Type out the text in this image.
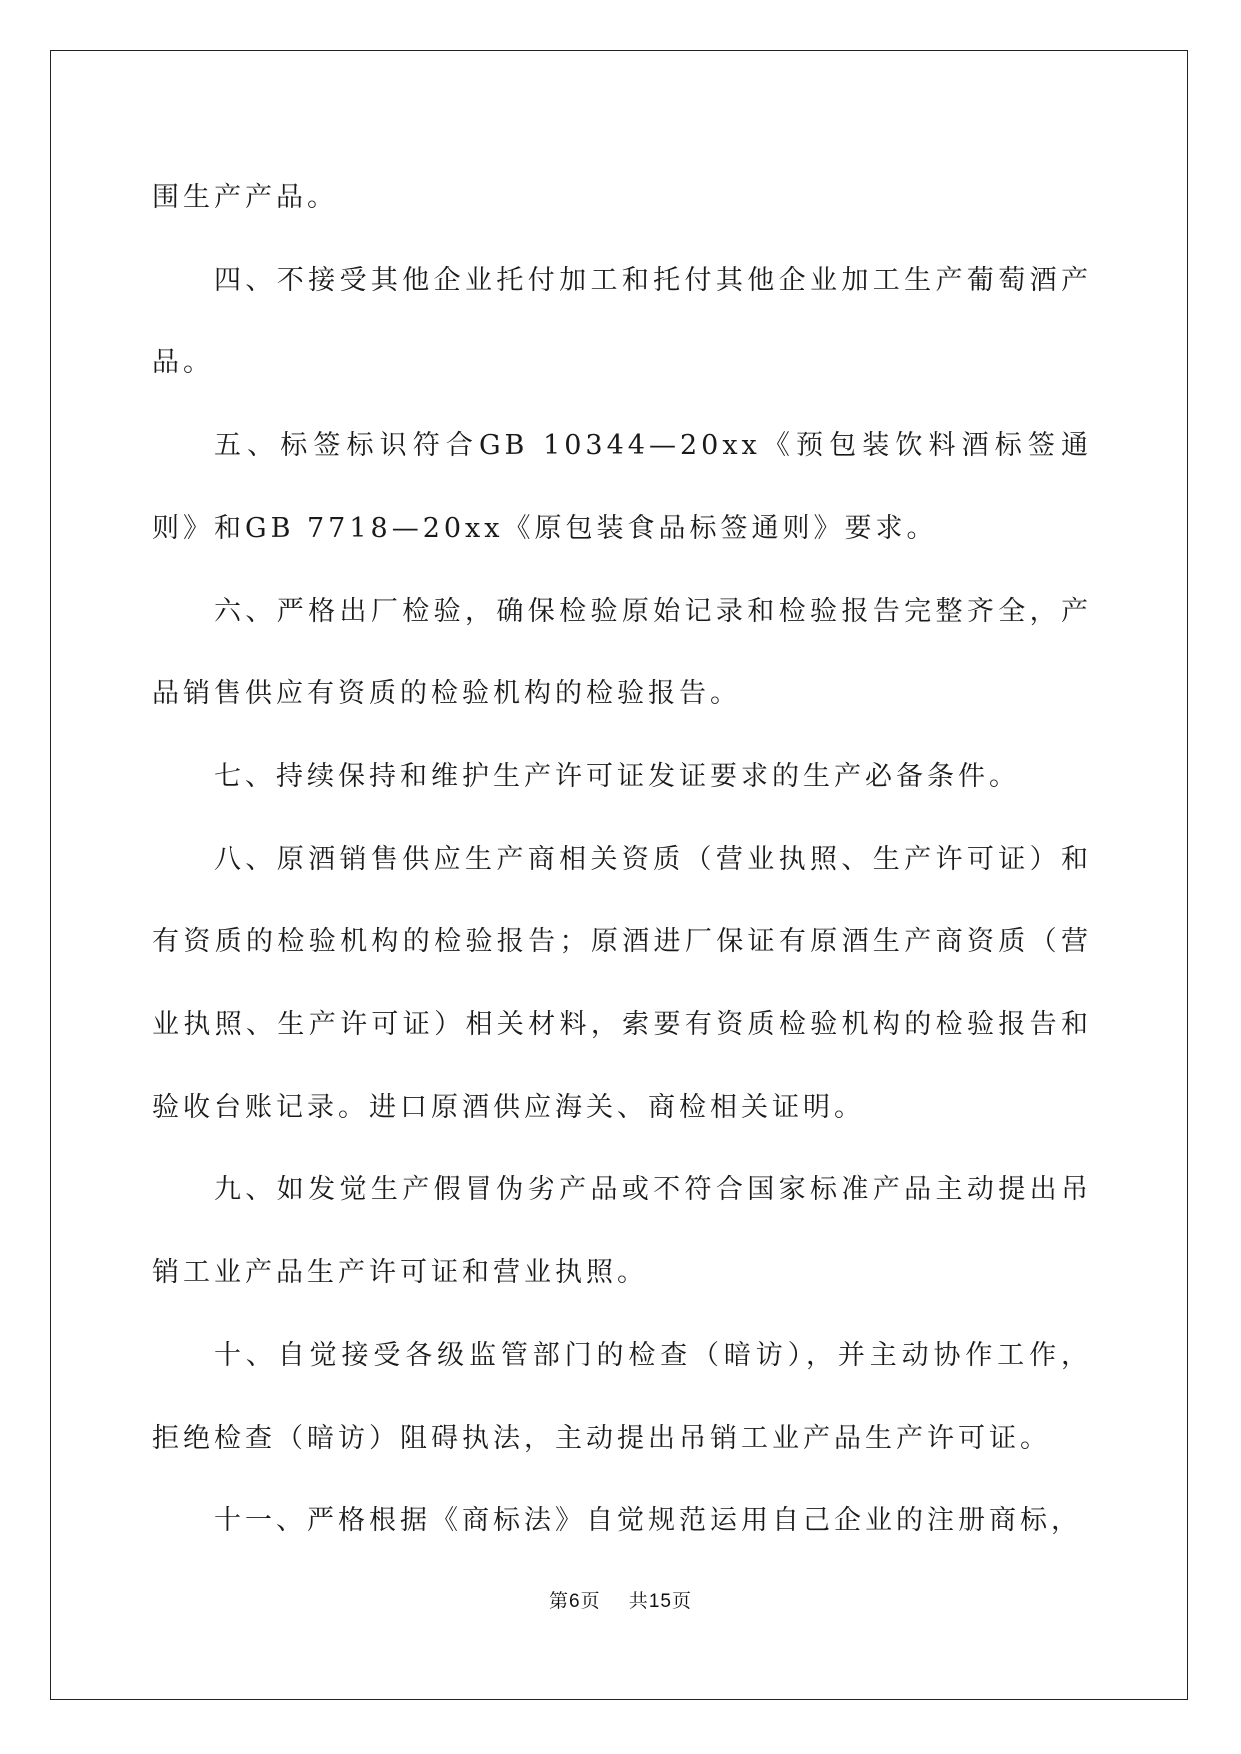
围生产产品。

四、不接受其他企业托付加工和托付其他企业加工生产葡萄酒产品。

五、标签标识符合GB 10344—20xx《预包装饮料酒标签通则》和GB 7718—20xx《原包装食品标签通则》要求。

六、严格出厂检验，确保检验原始记录和检验报告完整齐全，产品销售供应有资质的检验机构的检验报告。

七、持续保持和维护生产许可证发证要求的生产必备条件。

八、原酒销售供应生产商相关资质（营业执照、生产许可证）和有资质的检验机构的检验报告；原酒进厂保证有原酒生产商资质（营业执照、生产许可证）相关材料，索要有资质检验机构的检验报告和验收台账记录。进口原酒供应海关、商检相关证明。

九、如发觉生产假冒伪劣产品或不符合国家标准产品主动提出吊销工业产品生产许可证和营业执照。

十、自觉接受各级监管部门的检查（暗访），并主动协作工作，拒绝检查（暗访）阻碍执法，主动提出吊销工业产品生产许可证。

十一、严格根据《商标法》自觉规范运用自己企业的注册商标，

第6页 共15页
